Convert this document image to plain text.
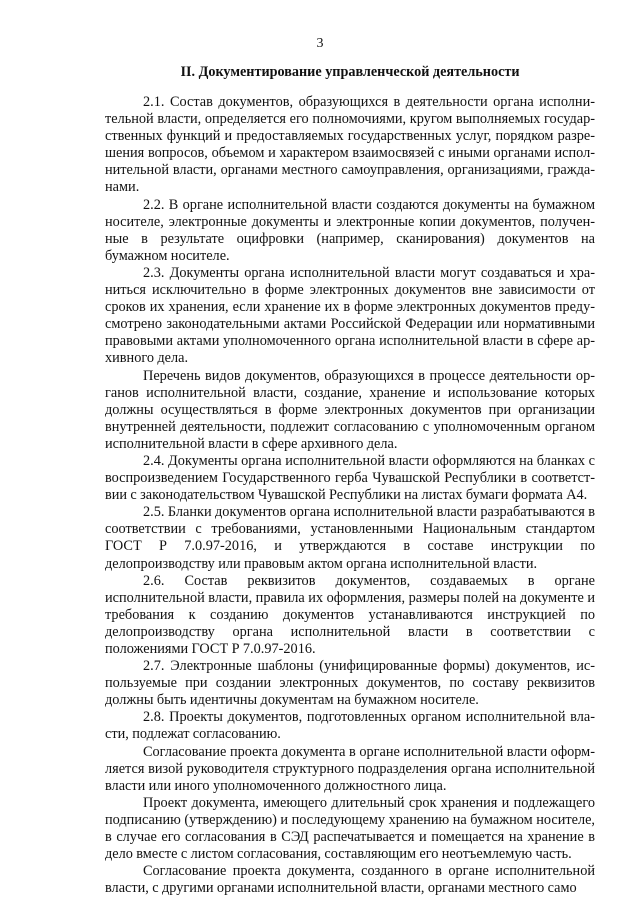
3
II. Документирование управленческой деятельности

2.1. Состав документов, образующихся в деятельности органа исполнительной власти, определяется его полномочиями, кругом выполняемых государственных функций и предоставляемых государственных услуг, порядком разрешения вопросов, объемом и характером взаимосвязей с иными органами исполнительной власти, органами местного самоуправления, организациями, гражданами.

2.2. В органе исполнительной власти создаются документы на бумажном носителе, электронные документы и электронные копии документов, полученные в результате оцифровки (например, сканирования) документов на бумажном носителе.

2.3. Документы органа исполнительной власти могут создаваться и храниться исключительно в форме электронных документов вне зависимости от сроков их хранения, если хранение их в форме электронных документов предусмотрено законодательными актами Российской Федерации или нормативными правовыми актами уполномоченного органа исполнительной власти в сфере архивного дела.

Перечень видов документов, образующихся в процессе деятельности органов исполнительной власти, создание, хранение и использование которых должны осуществляться в форме электронных документов при организации внутренней деятельности, подлежит согласованию с уполномоченным органом исполнительной власти в сфере архивного дела.

2.4. Документы органа исполнительной власти оформляются на бланках с воспроизведением Государственного герба Чувашской Республики в соответствии с законодательством Чувашской Республики на листах бумаги формата А4.

2.5. Бланки документов органа исполнительной власти разрабатываются в соответствии с требованиями, установленными Национальным стандартом ГОСТ Р 7.0.97-2016, и утверждаются в составе инструкции по делопроизводству или правовым актом органа исполнительной власти.

2.6. Состав реквизитов документов, создаваемых в органе исполнительной власти, правила их оформления, размеры полей на документе и требования к созданию документов устанавливаются инструкцией по делопроизводству органа исполнительной власти в соответствии с положениями ГОСТ Р 7.0.97-2016.

2.7. Электронные шаблоны (унифицированные формы) документов, используемые при создании электронных документов, по составу реквизитов должны быть идентичны документам на бумажном носителе.

2.8. Проекты документов, подготовленных органом исполнительной власти, подлежат согласованию.

Согласование проекта документа в органе исполнительной власти оформляется визой руководителя структурного подразделения органа исполнительной власти или иного уполномоченного должностного лица.

Проект документа, имеющего длительный срок хранения и подлежащего подписанию (утверждению) и последующему хранению на бумажном носителе, в случае его согласования в СЭД распечатывается и помещается на хранение в дело вместе с листом согласования, составляющим его неотъемлемую часть.

Согласование проекта документа, созданного в органе исполнительной власти, с другими органами исполнительной власти, органами местного само
